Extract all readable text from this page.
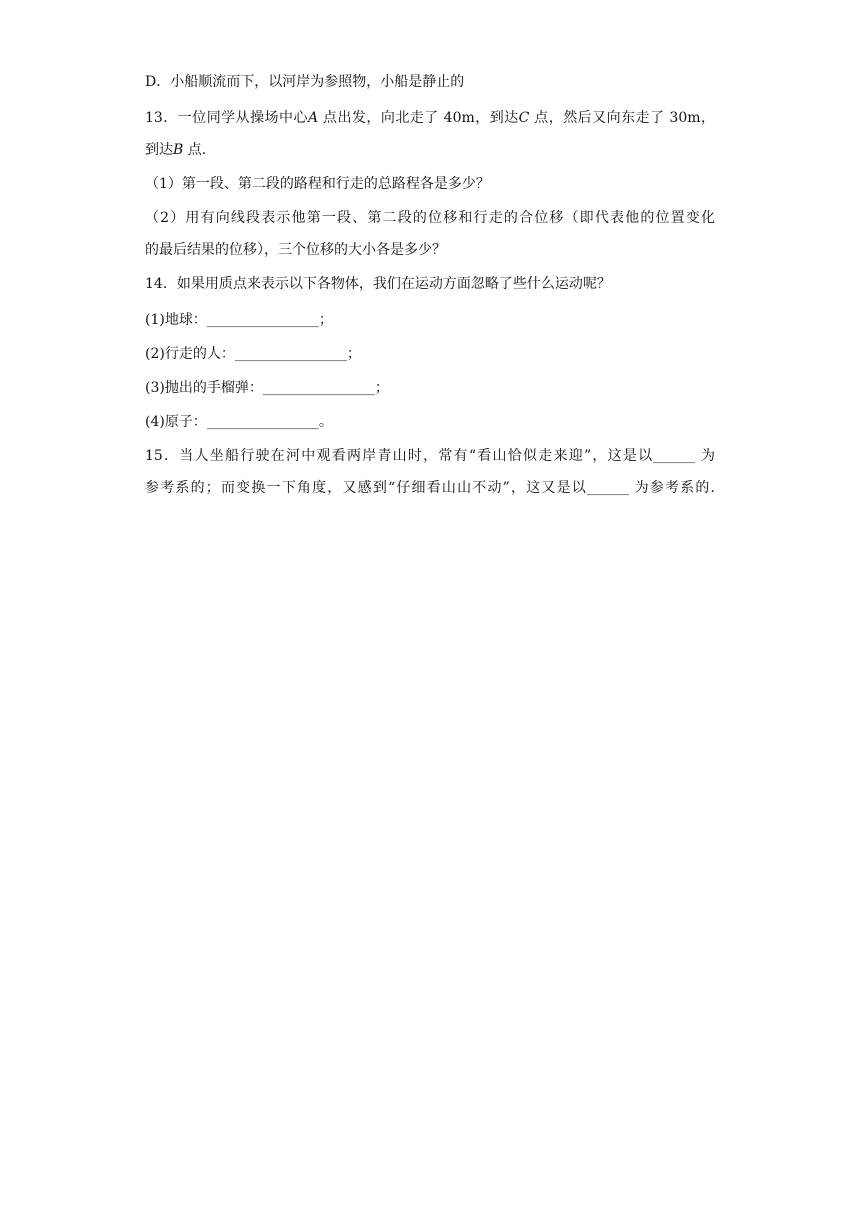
D．小船顺流而下，以河岸为参照物，小船是静止的
13．一位同学从操场中心A 点出发，向北走了 40m，到达C 点，然后又向东走了 30m，
到达B 点.
（1）第一段、第二段的路程和行走的总路程各是多少？
（2）用有向线段表示他第一段、第二段的位移和行走的合位移（即代表他的位置变化
的最后结果的位移），三个位移的大小各是多少？
14．如果用质点来表示以下各物体，我们在运动方面忽略了些什么运动呢？
(1)地球：________________；
(2)行走的人：________________；
(3)抛出的手榴弹：________________；
(4)原子：________________。
15．当人坐船行驶在河中观看两岸青山时，常有“看山恰似走来迎”，这是以______ 为
参考系的；而变换一下角度，又感到“仔细看山山不动”，这又是以______ 为参考系的.
